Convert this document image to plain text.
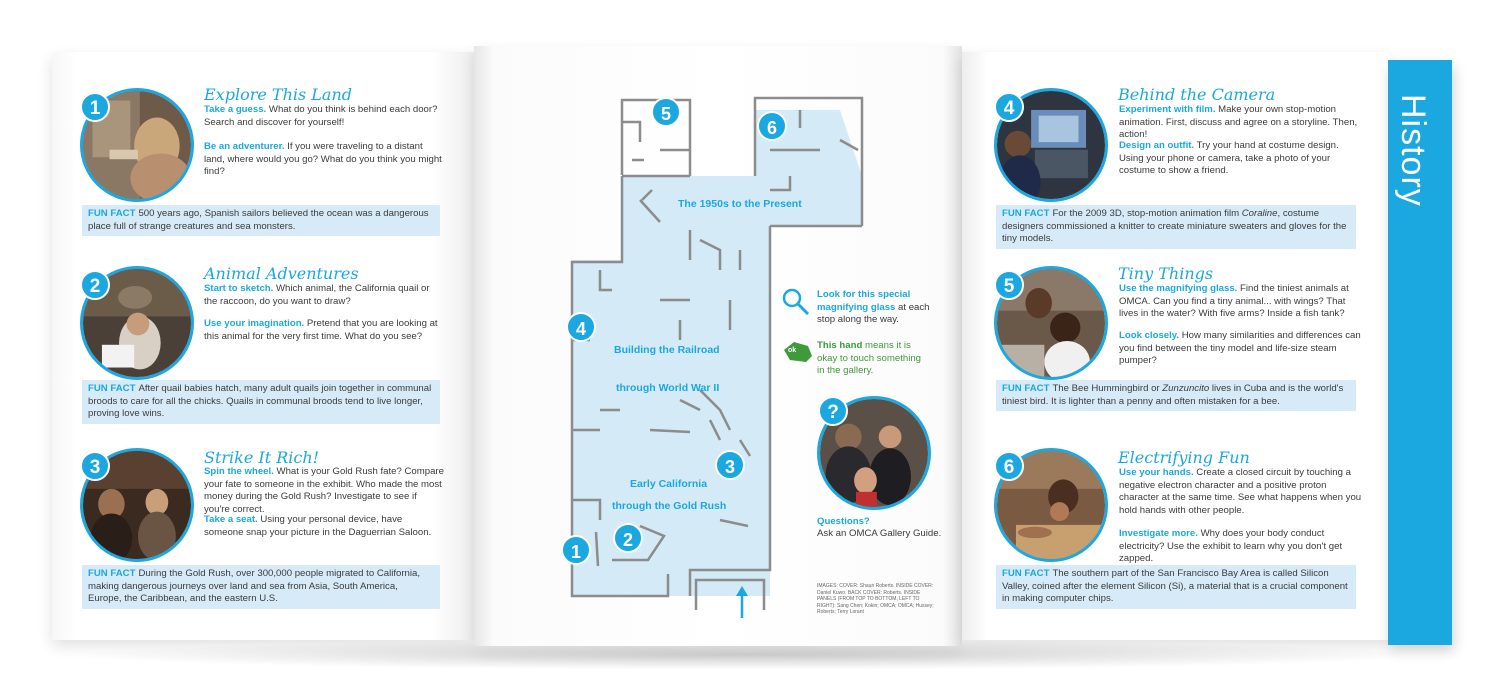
1
Explore This Land
Take a guess. What do you think is behind each door? Search and discover for yourself!
Be an adventurer. If you were traveling to a distant land, where would you go? What do you think you might find?
FUN FACT 500 years ago, Spanish sailors believed the ocean was a dangerous place full of strange creatures and sea monsters.
2
Animal Adventures
Start to sketch. Which animal, the California quail or the raccoon, do you want to draw?
Use your imagination. Pretend that you are looking at this animal for the very first time. What do you see?
FUN FACT After quail babies hatch, many adult quails join together in communal broods to care for all the chicks. Quails in communal broods tend to live longer, proving love wins.
3	Strike It Rich!
Spin the wheel. What is your Gold Rush fate? Compare your fate to someone in the exhibit. Who made the most money during the Gold Rush? Investigate to see if you're correct.
Take a seat. Using your personal device, have someone snap your picture in the Daguerrian Saloon.
FUN FACT During the Gold Rush, over 300,000 people migrated to California, making dangerous journeys over land and sea from Asia, South America, Europe, the Caribbean, and the eastern U.S.
The 1950s to the Present
Building the Railroad
through World War II
Early California
through the Gold Rush
5
6
4
3
2
1
Look for this special magnifying glass at each stop along the way.
ok This hand means it is okay to touch something in the gallery.
?
Questions?
Ask an OMCA Gallery Guide.
IMAGES: COVER: Shaun Roberts. INSIDE COVER: Daniel Kuwo. BACK COVER: Roberts. INSIDE PANELS (FROM TOP TO BOTTOM, LEFT TO RIGHT): Sang Chen; Kokin; OMCA; OMCA; Hussey; Roberts; Terry Lorant
History
4
Behind the Camera
Experiment with film. Make your own stop-motion animation. First, discuss and agree on a storyline. Then, action!
Design an outfit. Try your hand at costume design. Using your phone or camera, take a photo of your costume to show a friend.
FUN FACT For the 2009 3D, stop-motion animation film Coraline, costume designers commissioned a knitter to create miniature sweaters and gloves for the tiny models.
5
Tiny Things
Use the magnifying glass. Find the tiniest animals at OMCA. Can you find a tiny animal... with wings? That lives in the water? With five arms? Inside a fish tank?
Look closely. How many similarities and differences can you find between the tiny model and life-size steam pumper?
FUN FACT The Bee Hummingbird or Zunzuncito lives in Cuba and is the world's tiniest bird. It is lighter than a penny and often mistaken for a bee.
6	Electrifying Fun
Use your hands. Create a closed circuit by touching a negative electron character and a positive proton character at the same time. See what happens when you hold hands with other people.
Investigate more. Why does your body conduct electricity? Use the exhibit to learn why you don't get zapped.
FUN FACT The southern part of the San Francisco Bay Area is called Silicon Valley, coined after the element Silicon (Si), a material that is a crucial component in making computer chips.
